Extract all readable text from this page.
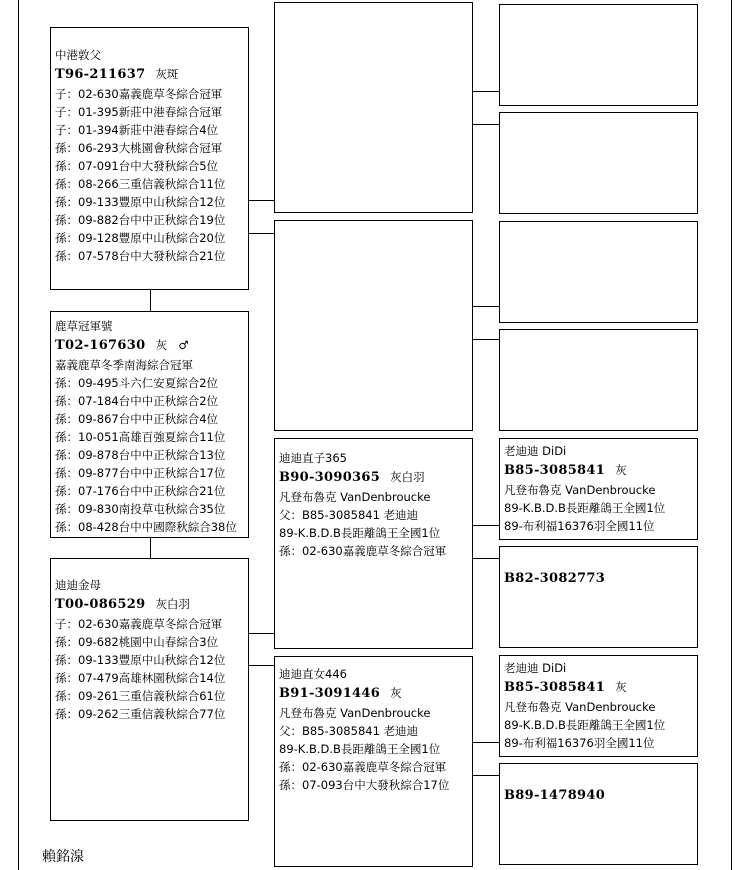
中港敦父
T96-211637 灰斑
子：02-630嘉義鹿草冬綜合冠軍
子：01-395新莊中港春綜合冠軍
子：01-394新莊中港春綜合4位
孫：06-293大桃園會秋綜合冠軍
孫：07-091台中大發秋綜合5位
孫：08-266三重信義秋綜合11位
孫：09-133豐原中山秋綜合12位
孫：09-882台中中正秋綜合19位
孫：09-128豐原中山秋綜合20位
孫：07-578台中大發秋綜合21位
鹿草冠軍號
T02-167630 灰　♂
嘉義鹿草冬季南海綜合冠軍
孫：09-495斗六仁安夏綜合2位
孫：07-184台中中正秋綜合2位
孫：09-867台中中正秋綜合4位
孫：10-051高雄百強夏綜合11位
孫：09-878台中中正秋綜合13位
孫：09-877台中中正秋綜合17位
孫：07-176台中中正秋綜合21位
孫：09-830南投草屯秋綜合35位
孫：08-428台中中國際秋綜合38位
迪迪金母
T00-086529 灰白羽
子：02-630嘉義鹿草冬綜合冠軍
孫：09-682桃園中山春綜合3位
孫：09-133豐原中山秋綜合12位
孫：07-479高雄林園秋綜合14位
孫：09-261三重信義秋綜合61位
孫：09-262三重信義秋綜合77位
迪迪直子365
B90-3090365 灰白羽
凡登布魯克 VanDenbroucke
父：B85-3085841 老迪迪
89-K.B.D.B長距離鴿王全國1位
孫：02-630嘉義鹿草冬綜合冠軍
迪迪直女446
B91-3091446 灰
凡登布魯克 VanDenbroucke
父：B85-3085841 老迪迪
89-K.B.D.B長距離鴿王全國1位
孫：02-630嘉義鹿草冬綜合冠軍
孫：07-093台中大發秋綜合17位
老迪迪 DiDi
B85-3085841 灰
凡登布魯克 VanDenbroucke
89-K.B.D.B長距離鴿王全國1位
89-布利福16376羽全國11位
B82-3082773
老迪迪 DiDi
B85-3085841 灰
凡登布魯克 VanDenbroucke
89-K.B.D.B長距離鴿王全國1位
89-布利福16376羽全國11位
B89-1478940
賴銘湶
